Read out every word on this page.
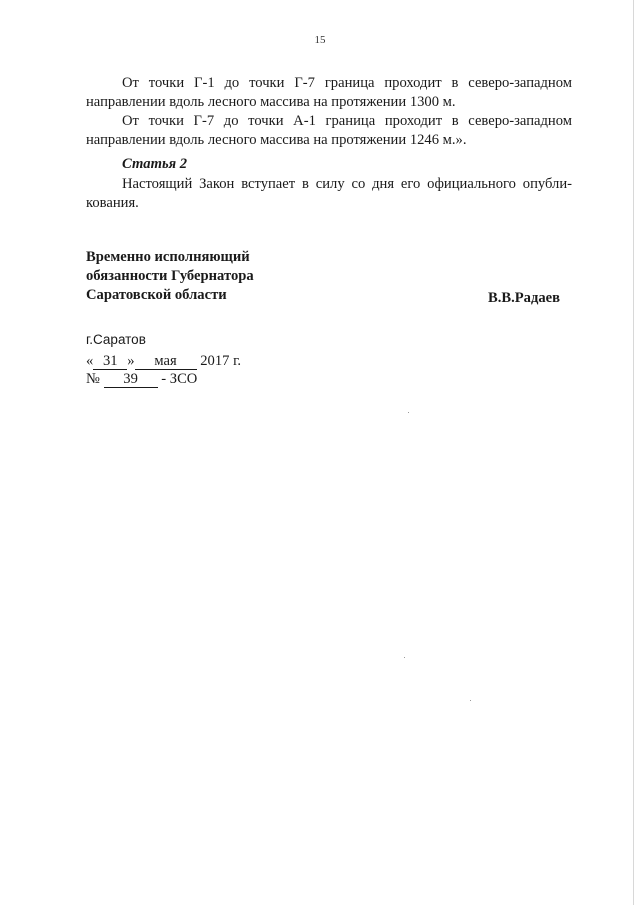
15
От точки Г-1 до точки Г-7 граница проходит в северо-западном
направлении вдоль лесного массива на протяжении 1300 м.
От точки Г-7 до точки А-1 граница проходит в северо-западном
направлении вдоль лесного массива на протяжении 1246 м.».
Статья 2
Настоящий Закон вступает в силу со дня его официального опубли-
кования.
Временно исполняющий
обязанности Губернатора
Саратовской области	В.В.Радаев
г.Саратов
« 31 » мая 2017 г.
№ 39 - ЗСО
